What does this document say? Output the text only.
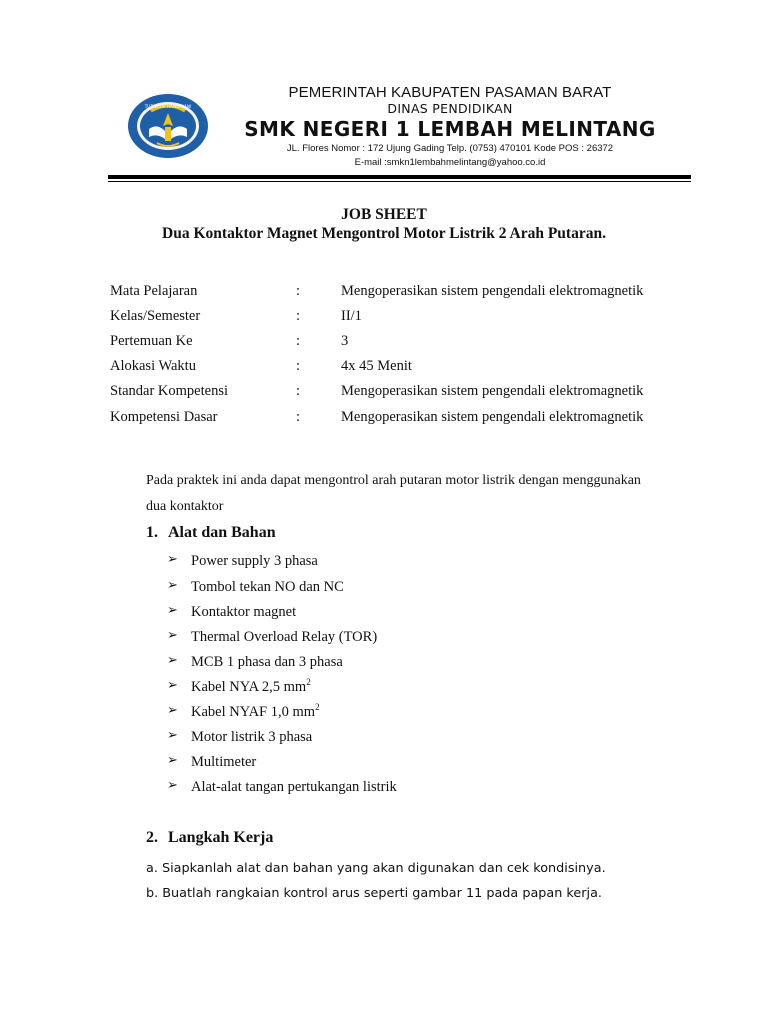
TUT WURI HANDAYANI
PEMERINTAH KABUPATEN PASAMAN BARAT
DINAS PENDIDIKAN
SMK NEGERI 1 LEMBAH MELINTANG
JL. Flores Nomor : 172 Ujung Gading Telp. (0753) 470101 Kode POS : 26372
E-mail :smkn1lembahmelintang@yahoo.co.id
JOB SHEET
Dua Kontaktor Magnet Mengontrol Motor Listrik 2 Arah Putaran.
Mata Pelajaran	:	Mengoperasikan sistem pengendali elektromagnetik
Kelas/Semester	:	II/1
Pertemuan Ke	:	3
Alokasi Waktu	:	4x 45 Menit
Standar Kompetensi	:	Mengoperasikan sistem pengendali elektromagnetik
Kompetensi Dasar	:	Mengoperasikan sistem pengendali elektromagnetik
Pada praktek ini anda dapat mengontrol arah putaran motor listrik dengan menggunakan
dua kontaktor
1. Alat dan Bahan
➢ Power supply 3 phasa
➢ Tombol tekan NO dan NC
➢ Kontaktor magnet
➢ Thermal Overload Relay (TOR)
➢ MCB 1 phasa dan 3 phasa
➢ Kabel NYA 2,5 $mm^2$
➢ Kabel NYAF 1,0 $mm^2$
➢ Motor listrik 3 phasa
➢ Multimeter
➢ Alat-alat tangan pertukangan listrik
2. Langkah Kerja
a. Siapkanlah alat dan bahan yang akan digunakan dan cek kondisinya.
b. Buatlah rangkaian kontrol arus seperti gambar 11 pada papan kerja.
